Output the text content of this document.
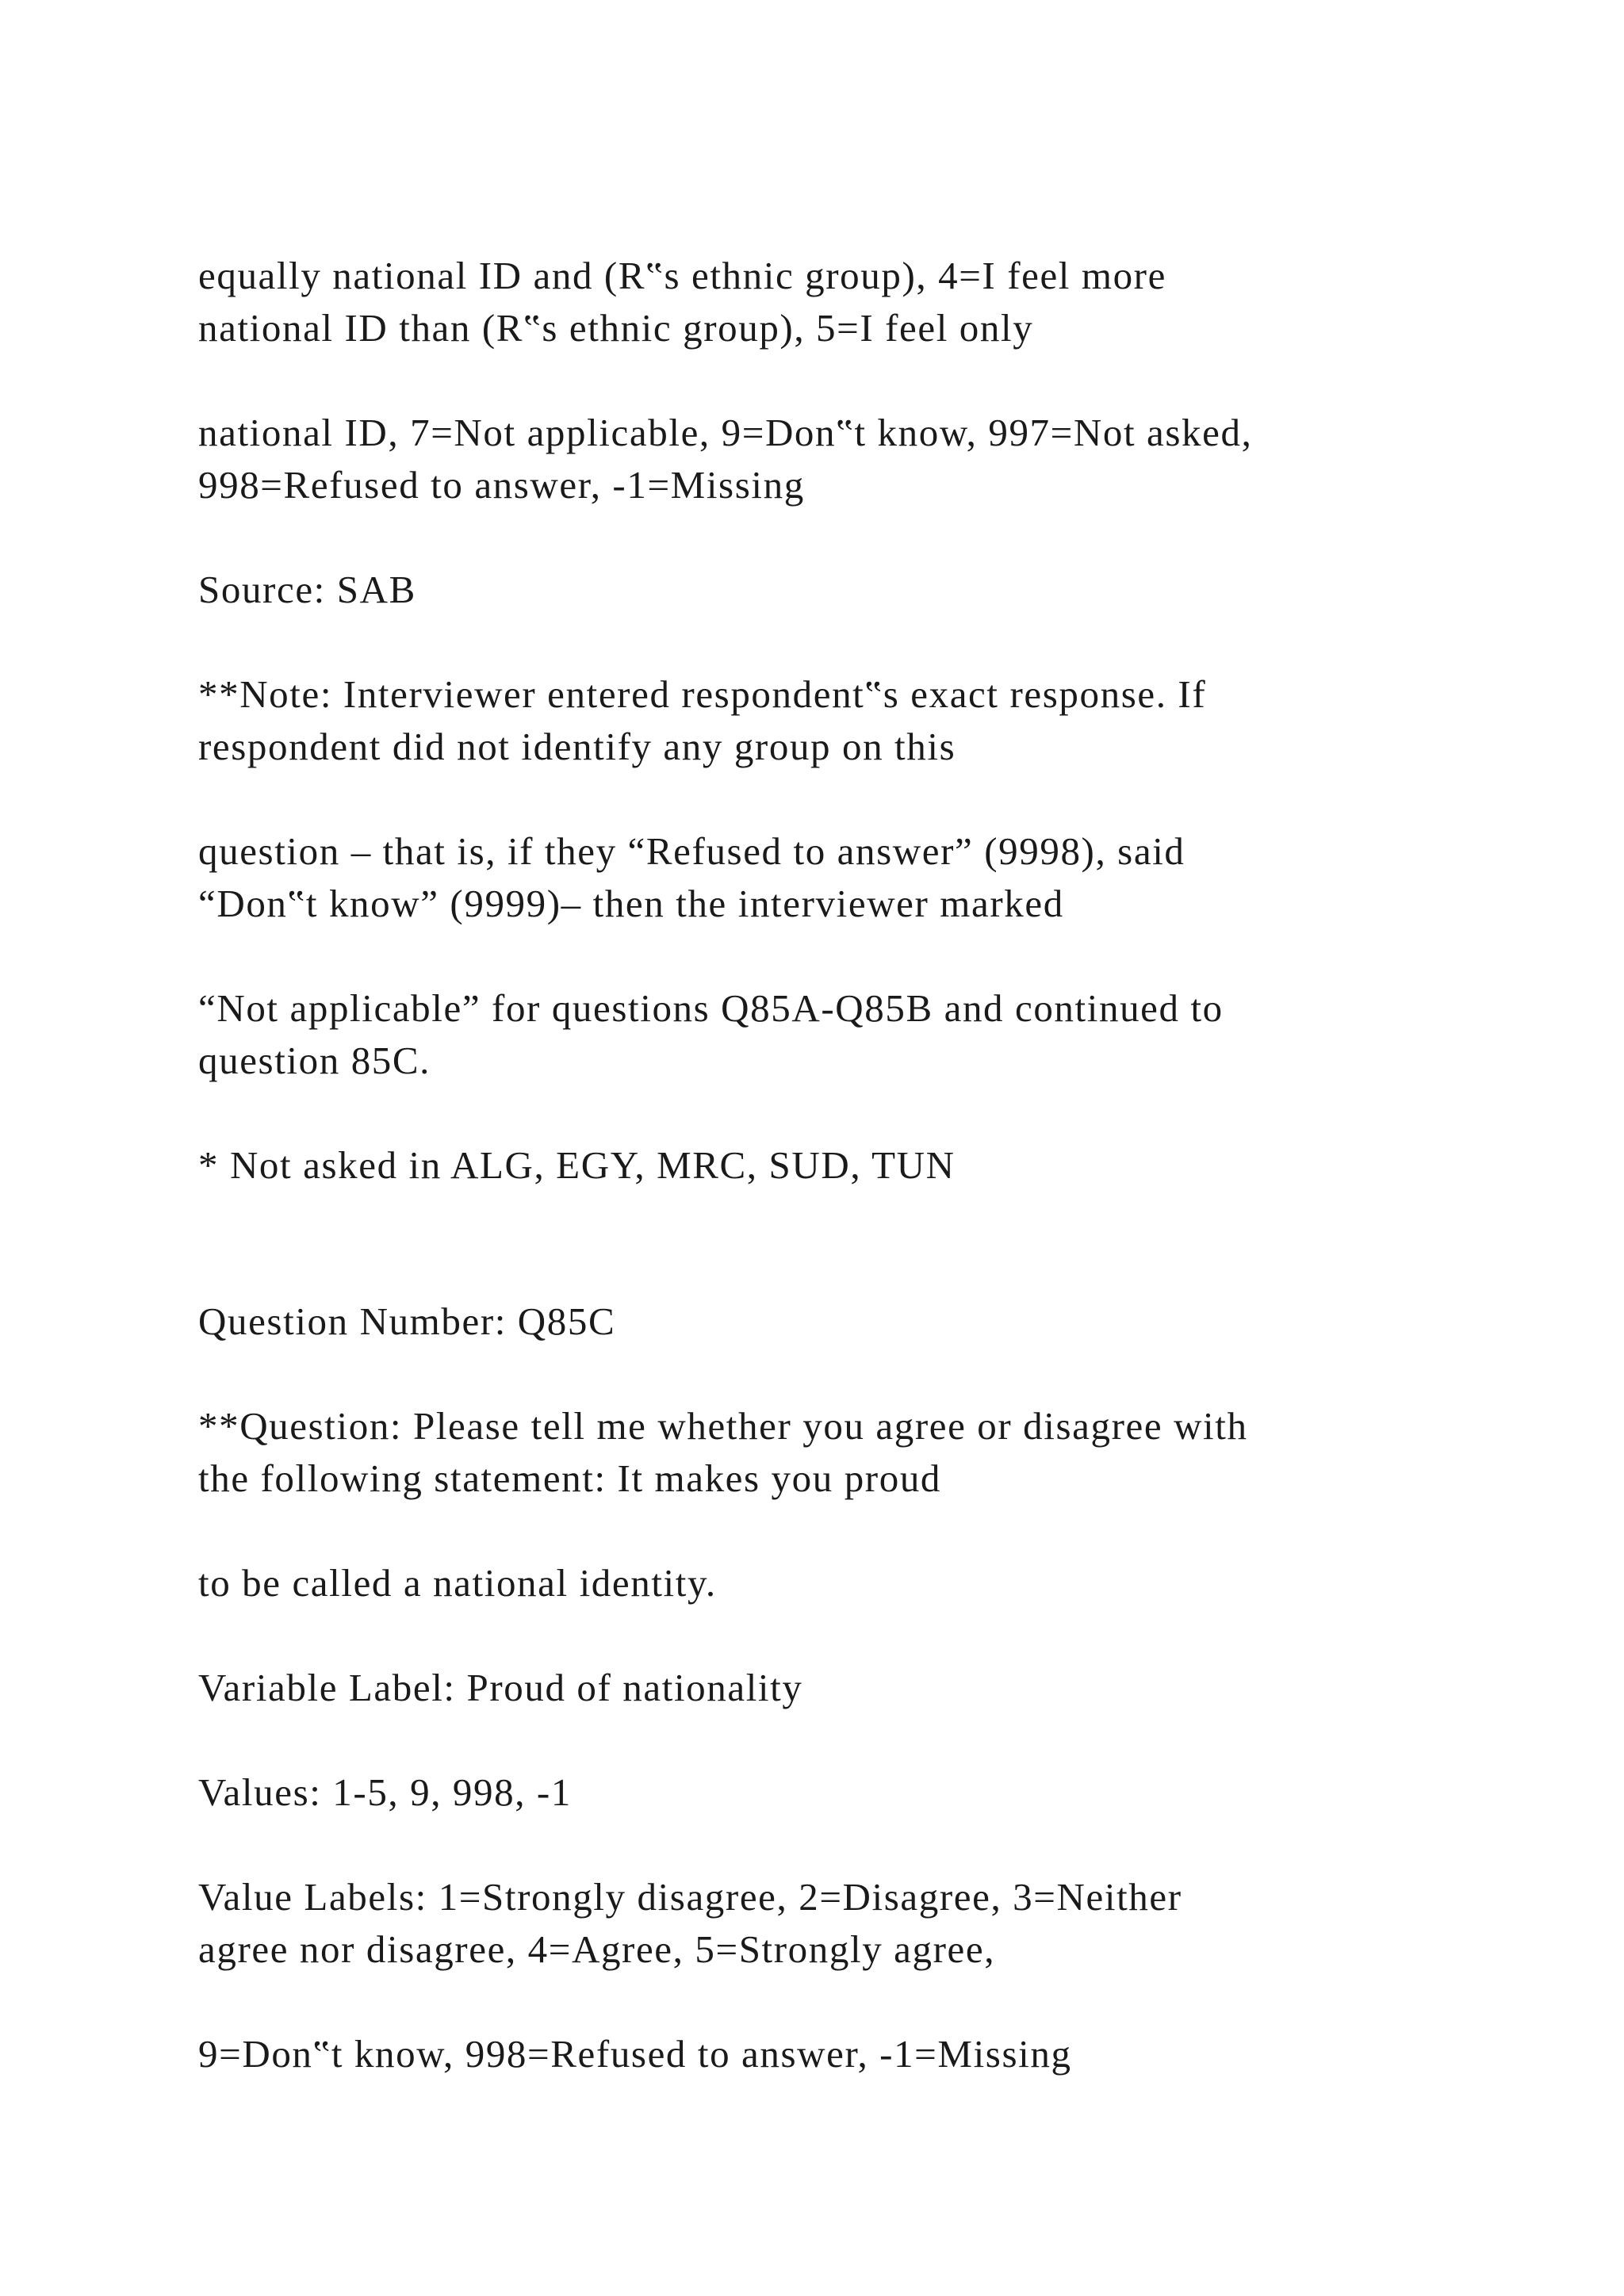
equally national ID and (R‟s ethnic group), 4=I feel more
national ID than (R‟s ethnic group), 5=I feel only
national ID, 7=Not applicable, 9=Don‟t know, 997=Not asked,
998=Refused to answer, -1=Missing
Source: SAB
**Note: Interviewer entered respondent‟s exact response. If
respondent did not identify any group on this
question – that is, if they “Refused to answer” (9998), said
“Don‟t know” (9999)– then the interviewer marked
“Not applicable” for questions Q85A-Q85B and continued to
question 85C.
* Not asked in ALG, EGY, MRC, SUD, TUN
Question Number: Q85C
**Question: Please tell me whether you agree or disagree with
the following statement: It makes you proud
to be called a national identity.
Variable Label: Proud of nationality
Values: 1-5, 9, 998, -1
Value Labels: 1=Strongly disagree, 2=Disagree, 3=Neither
agree nor disagree, 4=Agree, 5=Strongly agree,
9=Don‟t know, 998=Refused to answer, -1=Missing
